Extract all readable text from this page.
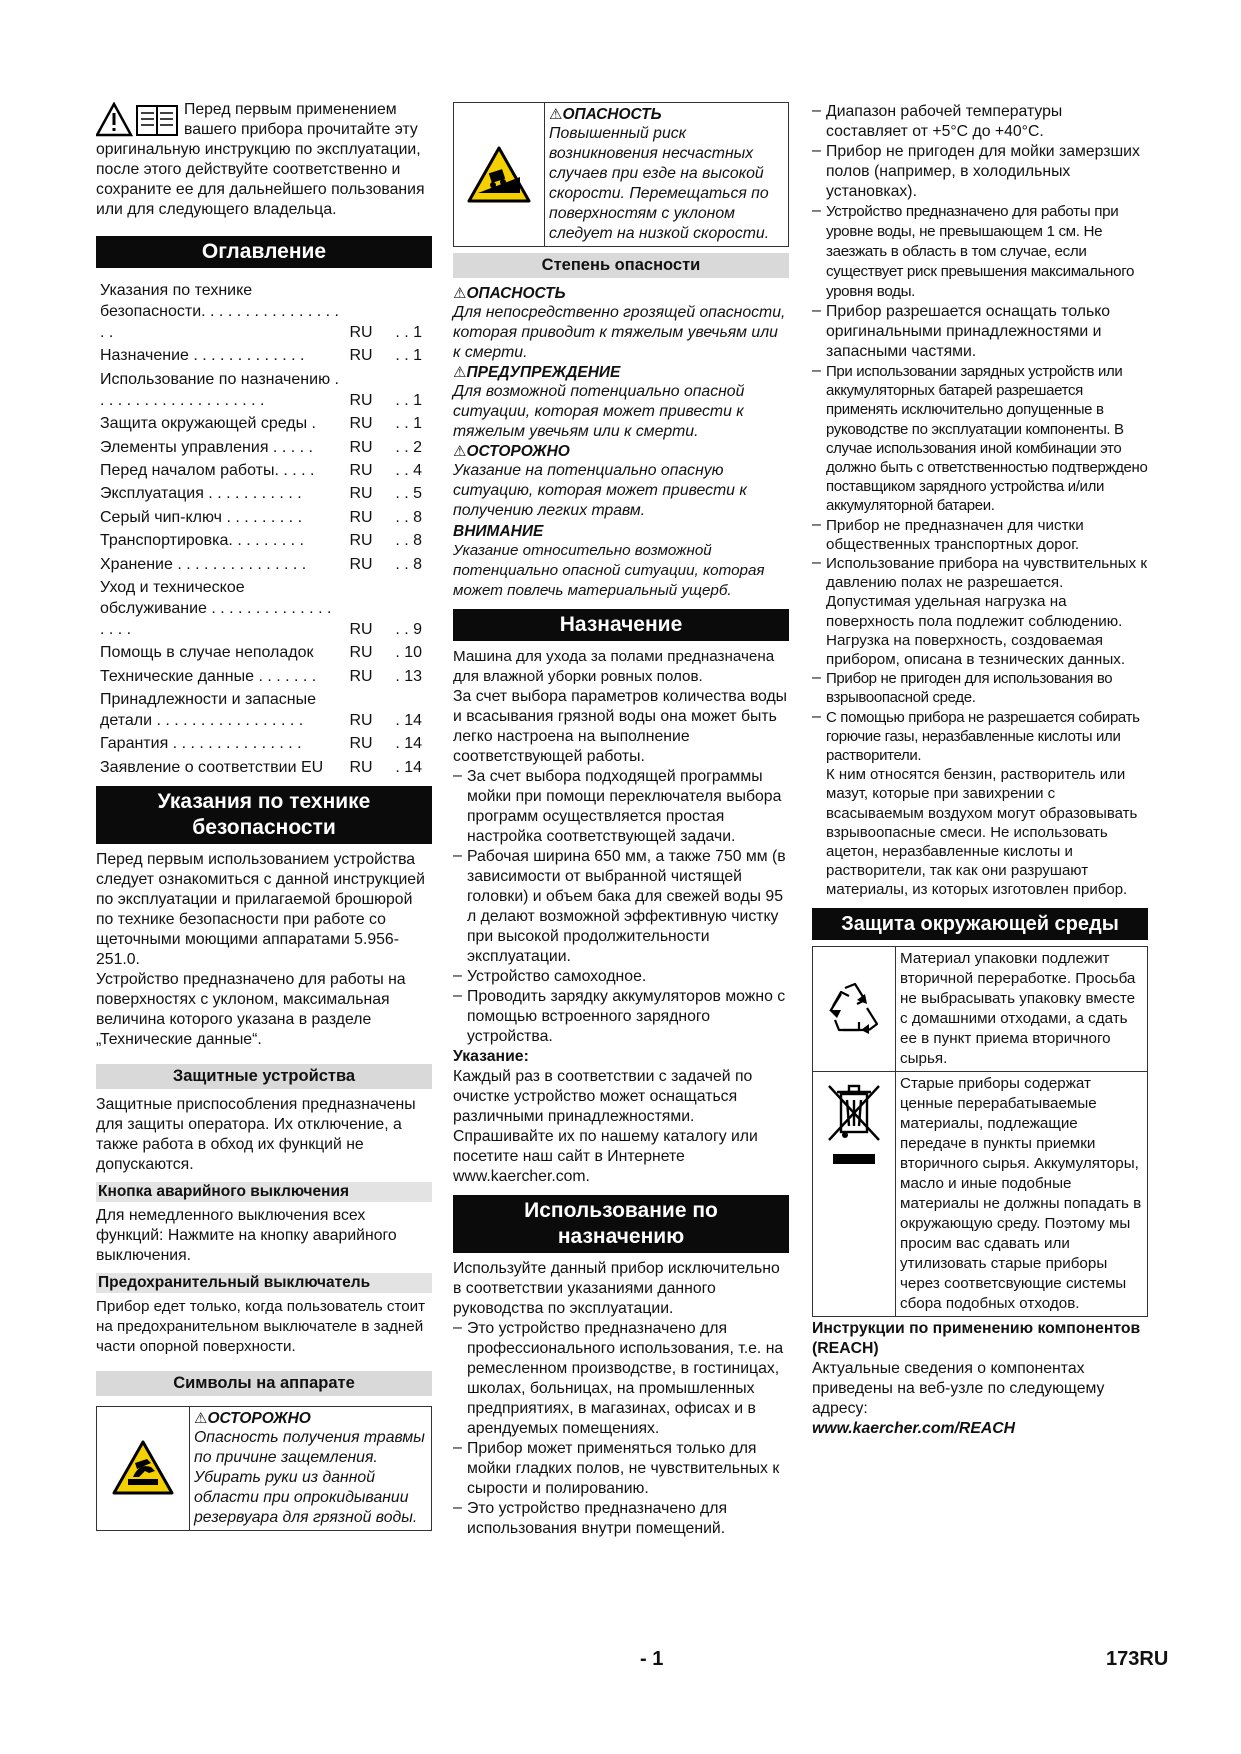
Перед первым применением вашего прибора прочитайте эту оригинальную инструкцию по эксплуатации, после этого действуйте соответственно и сохраните ее для дальнейшего пользования или для следующего владельца.

Оглавление
Указания по технике безопасности. . . . . . . . . . . . . . . . . .	RU	. . 1
Назначение . . . . . . . . . . . . .	RU	. . 1
Использование по назначению . . . . . . . . . . . . . . . . . . . .	RU	. . 1
Защита окружающей среды .	RU	. . 1
Элементы управления . . . . .	RU	. . 2
Перед началом работы. . . . .	RU	. . 4
Эксплуатация . . . . . . . . . . .	RU	. . 5
Серый чип-ключ . . . . . . . . .	RU	. . 8
Транспортировка. . . . . . . . .	RU	. . 8
Хранение . . . . . . . . . . . . . . .	RU	. . 8
Уход и техническое обслуживание . . . . . . . . . . . . . . . . . .	RU	. . 9
Помощь в случае неполадок	RU	. 10
Технические данные . . . . . . .	RU	. 13
Принадлежности и запасные детали . . . . . . . . . . . . . . . . .	RU	. 14
Гарантия . . . . . . . . . . . . . . .	RU	. 14
Заявление о соответствии EU	RU	. 14
Указания по технике безопасности

Перед первым использованием устройства следует ознакомиться с данной инструкцией по эксплуатации и прилагаемой брошюрой по технике безопасности при работе со щеточными моющими аппаратами 5.956-251.0.

Устройство предназначено для работы на поверхностях с уклоном, максимальная величина которого указана в разделе „Технические данные“.

Защитные устройства

Защитные приспособления предназначены для защиты оператора. Их отключение, а также работа в обход их функций не допускаются.

Кнопка аварийного выключения

Для немедленного выключения всех функций: Нажмите на кнопку аварийного выключения.

Предохранительный выключатель

Прибор едет только, когда пользователь стоит на предохранительном выключателе в задней части опорной поверхности.

Символы на аппарате
⚠ОСТОРОЖНО

Опасность получения травмы по причине защемления. Убирать руки из данной области при опрокидывании резервуара для грязной воды.

⚠ОПАСНОСТЬ

Повышенный риск возникновения несчастных случаев при езде на высокой скорости. Перемещаться по поверхностям с уклоном следует на низкой скорости.

Степень опасности
⚠ОПАСНОСТЬ

Для непосредственно грозящей опасности, которая приводит к тяжелым увечьям или к смерти.

⚠ПРЕДУПРЕЖДЕНИЕ

Для возможной потенциально опасной ситуации, которая может привести к тяжелым увечьям или к смерти.

⚠ОСТОРОЖНО

Указание на потенциально опасную ситуацию, которая может привести к получению легких травм.

ВНИМАНИЕ

Указание относительно возможной потенциально опасной ситуации, которая может повлечь материальный ущерб.

Назначение

Машина для ухода за полами предназначена для влажной уборки ровных полов.

За счет выбора параметров количества воды и всасывания грязной воды она может быть легко настроена на выполнение соответствующей работы.

– За счет выбора подходящей программы мойки при помощи переключателя выбора программ осуществляется простая настройка соответствующей задачи.

– Рабочая ширина 650 мм, а также 750 мм (в зависимости от выбранной чистящей головки) и объем бака для свежей воды 95 л делают возможной эффективную чистку при высокой продолжительности эксплуатации.

– Устройство самоходное.

– Проводить зарядку аккумуляторов можно с помощью встроенного зарядного устройства.

Указание:

Каждый раз в соответствии с задачей по очистке устройство может оснащаться различными принадлежностями. Спрашивайте их по нашему каталогу или посетите наш сайт в Интернете www.kaercher.com.

Использование по назначению

Используйте данный прибор исключительно в соответствии указаниями данного руководства по эксплуатации.

– Это устройство предназначено для профессионального использования, т.е. на ремесленном производстве, в гостиницах, школах, больницах, на промышленных предприятиях, в магазинах, офисах и в арендуемых помещениях.

– Прибор может применяться только для мойки гладких полов, не чувствительных к сырости и полированию.

– Это устройство предназначено для использования внутри помещений.

– Диапазон рабочей температуры составляет от +5°C до +40°C.

– Прибор не пригоден для мойки замерзших полов (например, в холодильных установках).

– Устройство предназначено для работы при уровне воды, не превышающем 1 см. Не заезжать в область в том случае, если существует риск превышения максимального уровня воды.

– Прибор разрешается оснащать только оригинальными принадлежностями и запасными частями.

– При использовании зарядных устройств или аккумуляторных батарей разрешается применять исключительно допущенные в руководстве по эксплуатации компоненты. В случае использования иной комбинации это должно быть с ответственностью подтверждено поставщиком зарядного устройства и/или аккумуляторной батареи.

– Прибор не предназначен для чистки общественных транспортных дорог.

– Использование прибора на чувствительных к давлению полах не разрешается. Допустимая удельная нагрузка на поверхность пола подлежит соблюдению. Нагрузка на поверхность, создоваемая прибором, описана в тезнических данных.

– Прибор не пригоден для использования во взрывоопасной среде.

– С помощью прибора не разрешается собирать горючие газы, неразбавленные кислоты или растворители.

К ним относятся бензин, растворитель или мазут, которые при завихрении с всасываемым воздухом могут образовывать взрывоопасные смеси. Не использовать ацетон, неразбавленные кислоты и растворители, так как они разрушают материалы, из которых изготовлен прибор.

Защита окружающей среды

Материал упаковки подлежит вторичной переработке. Просьба не выбрасывать упаковку вместе с домашними отходами, а сдать ее в пункт приема вторичного сырья.

Старые приборы содержат ценные перерабатываемые материалы, подлежащие передаче в пункты приемки вторичного сырья. Аккумуляторы, масло и иные подобные материалы не должны попадать в окружающую среду. Поэтому мы просим вас сдавать или утилизовать старые приборы через соответсвующие системы сбора подобных отходов.

Инструкции по применению компонентов (REACH)

Актуальные сведения о компонентах приведены на веб-узле по следующему адресу:

www.kaercher.com/REACH

- 1	173RU
